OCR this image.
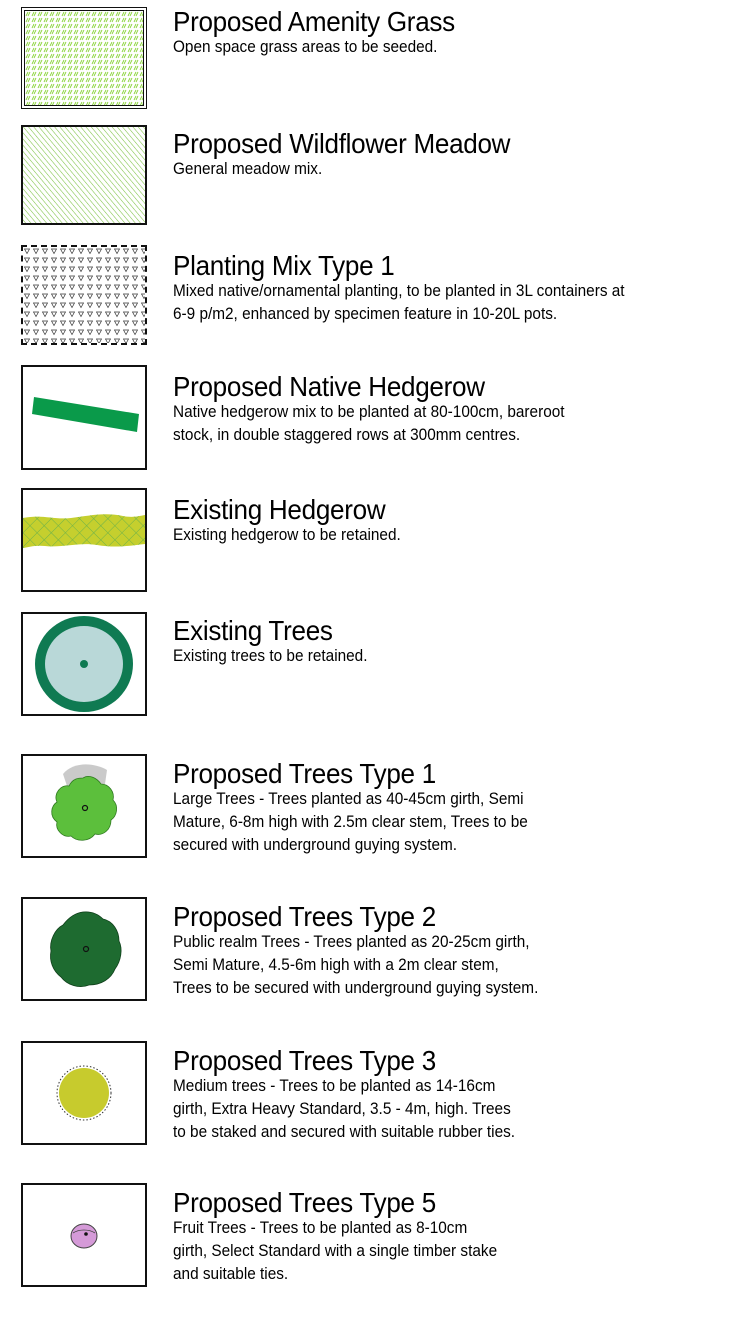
Proposed Amenity Grass
Open space grass areas to be seeded.
Proposed Wildflower Meadow
General meadow mix.
Planting Mix Type 1
Mixed native/ornamental planting, to be planted in 3L containers at
6-9 p/m2, enhanced by specimen feature in 10-20L pots.
Proposed Native Hedgerow
Native hedgerow mix to be planted at 80-100cm, bareroot
stock, in double staggered rows at 300mm centres.
Existing Hedgerow
Existing hedgerow to be retained.
Existing Trees
Existing trees to be retained.
Proposed Trees Type 1
Large Trees - Trees planted as 40-45cm girth, Semi
Mature, 6-8m high with 2.5m clear stem, Trees to be
secured with underground guying system.
Proposed Trees Type 2
Public realm Trees - Trees planted as 20-25cm girth,
Semi Mature, 4.5-6m high with a 2m clear stem,
Trees to be secured with underground guying system.
Proposed Trees Type 3
Medium trees - Trees to be planted as 14-16cm
girth, Extra Heavy Standard, 3.5 - 4m, high. Trees
to be staked and secured with suitable rubber ties.
Proposed Trees Type 5
Fruit Trees - Trees to be planted as 8-10cm
girth, Select Standard with a single timber stake
and suitable ties.
